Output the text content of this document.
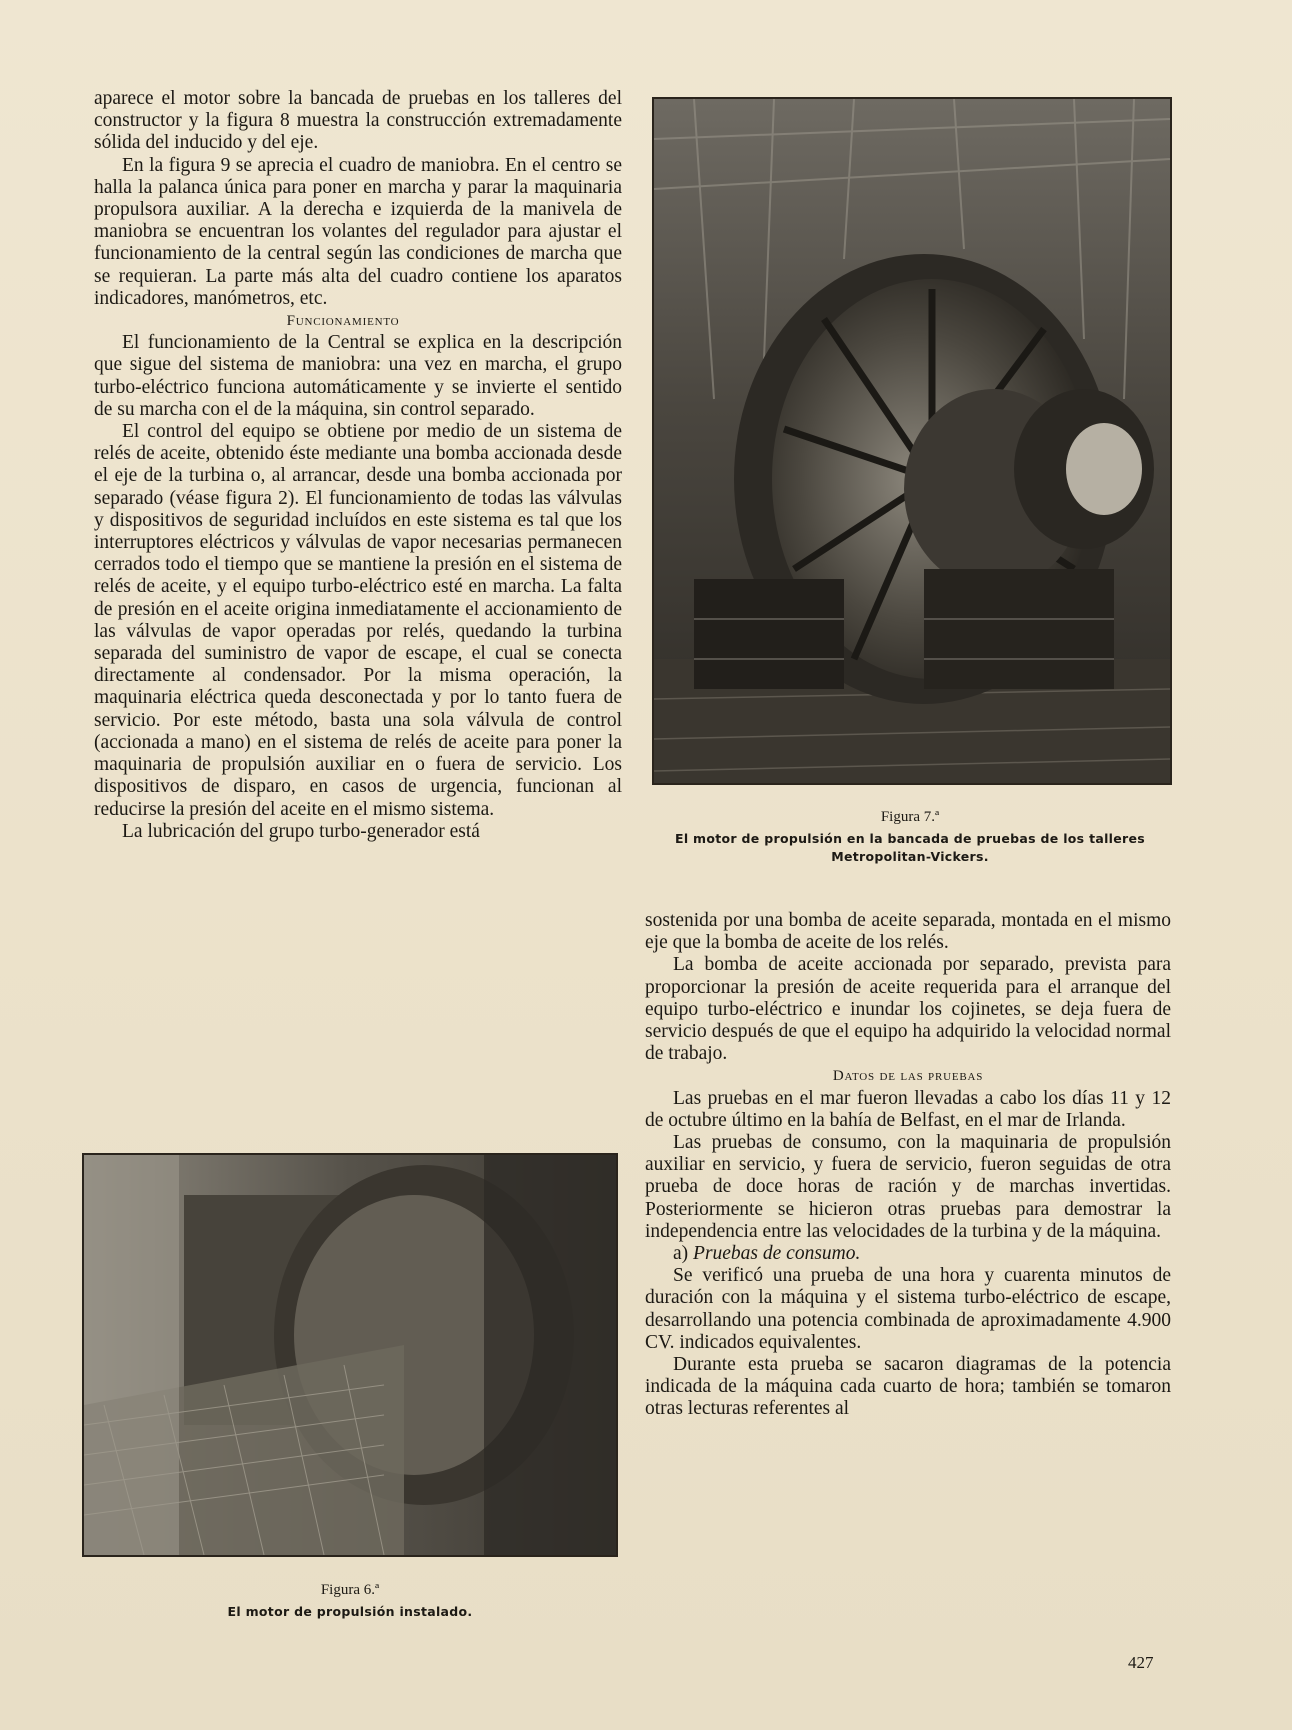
aparece el motor sobre la bancada de pruebas en los talleres del constructor y la figura 8 muestra la construcción extremadamente sólida del inducido y del eje.

En la figura 9 se aprecia el cuadro de maniobra. En el centro se halla la palanca única para poner en marcha y parar la maquinaria propulsora auxiliar. A la derecha e izquierda de la manivela de maniobra se encuentran los volantes del regulador para ajustar el funcionamiento de la central según las condiciones de marcha que se requieran. La parte más alta del cuadro contiene los aparatos indicadores, manómetros, etc.

Funcionamiento

El funcionamiento de la Central se explica en la descripción que sigue del sistema de maniobra: una vez en marcha, el grupo turbo-eléctrico funciona automáticamente y se invierte el sentido de su marcha con el de la máquina, sin control separado.

El control del equipo se obtiene por medio de un sistema de relés de aceite, obtenido éste mediante una bomba accionada desde el eje de la turbina o, al arrancar, desde una bomba accionada por separado (véase figura 2). El funcionamiento de todas las válvulas y dispositivos de seguridad incluídos en este sistema es tal que los interruptores eléctricos y válvulas de vapor necesarias permanecen cerrados todo el tiempo que se mantiene la presión en el sistema de relés de aceite, y el equipo turbo-eléctrico esté en marcha. La falta de presión en el aceite origina inmediatamente el accionamiento de las válvulas de vapor operadas por relés, quedando la turbina separada del suministro de vapor de escape, el cual se conecta directamente al condensador. Por la misma operación, la maquinaria eléctrica queda desconectada y por lo tanto fuera de servicio. Por este método, basta una sola válvula de control (accionada a mano) en el sistema de relés de aceite para poner la maquinaria de propulsión auxiliar en o fuera de servicio. Los dispositivos de disparo, en casos de urgencia, funcionan al reducirse la presión del aceite en el mismo sistema.

La lubricación del grupo turbo-generador está

Figura 7.ª
El motor de propulsión en la bancada de pruebas de los talleres
Metropolitan-Vickers.
Figura 6.ª
El motor de propulsión instalado.

sostenida por una bomba de aceite separada, montada en el mismo eje que la bomba de aceite de los relés.

La bomba de aceite accionada por separado, prevista para proporcionar la presión de aceite requerida para el arranque del equipo turbo-eléctrico e inundar los cojinetes, se deja fuera de servicio después de que el equipo ha adquirido la velocidad normal de trabajo.

Datos de las pruebas

Las pruebas en el mar fueron llevadas a cabo los días 11 y 12 de octubre último en la bahía de Belfast, en el mar de Irlanda.

Las pruebas de consumo, con la maquinaria de propulsión auxiliar en servicio, y fuera de servicio, fueron seguidas de otra prueba de doce horas de ración y de marchas invertidas. Posteriormente se hicieron otras pruebas para demostrar la independencia entre las velocidades de la turbina y de la máquina.

a) Pruebas de consumo.

Se verificó una prueba de una hora y cuarenta minutos de duración con la máquina y el sistema turbo-eléctrico de escape, desarrollando una potencia combinada de aproximadamente 4.900 CV. indicados equivalentes.

Durante esta prueba se sacaron diagramas de la potencia indicada de la máquina cada cuarto de hora; también se tomaron otras lecturas referentes al

427
